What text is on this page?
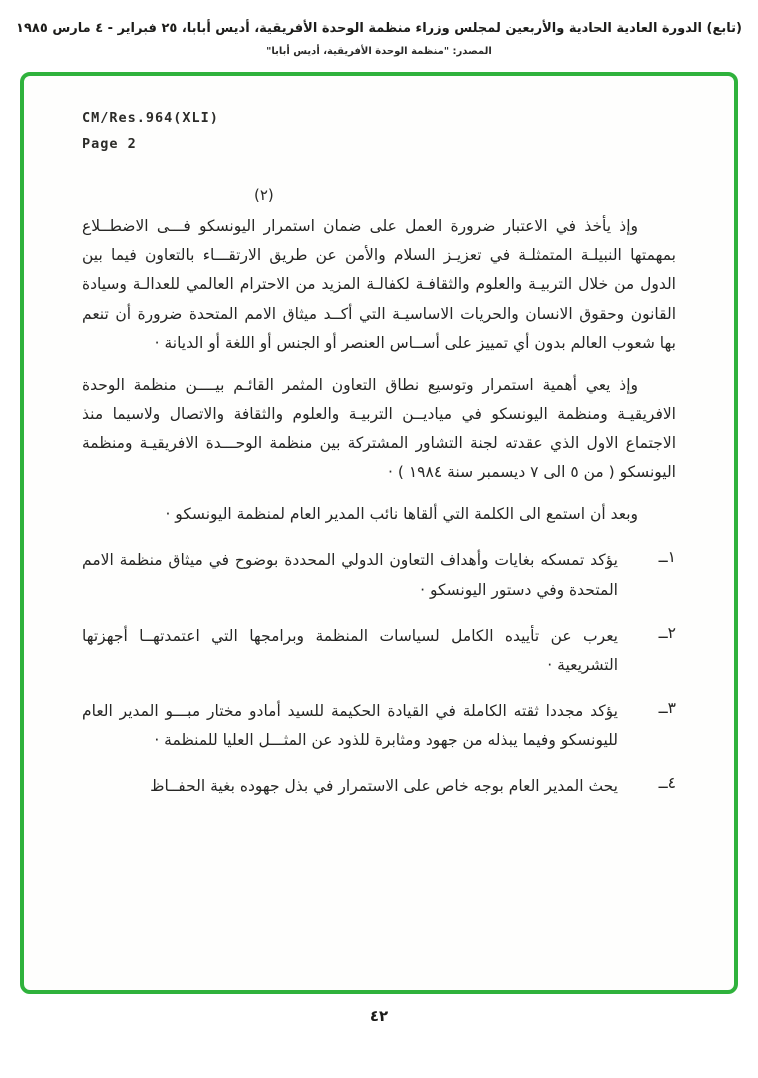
(تابع) الدورة العادية الحادية والأربعين لمجلس وزراء منظمة الوحدة الأفريقية، أديس أبابا، ٢٥ فبراير - ٤ مارس ١٩٨٥
المصدر: "منظمة الوحدة الأفريقية، أديس أبابا"
CM/Res.964(XLI)
Page 2
(٢)
وإذ يأخذ في الاعتبار ضرورة العمل على ضمان استمرار اليونسكو فـــى الاضطــلاع بمهمتها النبيلـة المتمثلـة في تعزيـز السلام والأمن عن طريق الارتقـــاء بالتعاون فيما بين الدول من خلال التربيـة والعلوم والثقافـة لكفالـة المزيد من الاحترام العالمي للعدالـة وسيادة القانون وحقوق الانسان والحريات الاساسيـة التي أكــد ميثاق الامم المتحدة ضرورة أن تنعم بها شعوب العالم بدون أي تمييز على أســاس العنصر أو الجنس أو اللغة أو الديانة ·
وإذ يعي أهمية استمرار وتوسيع نطاق التعاون المثمر القائـم بيــــن منظمة الوحدة الافريقيـة ومنظمة اليونسكو في مياديــن التربيـة والعلوم والثقافة والاتصال ولاسيما منذ الاجتماع الاول الذي عقدته لجنة التشاور المشتركة بين منظمة الوحـــدة الافريقيـة ومنظمة اليونسكو ( من ٥ الى ٧ ديسمبر سنة ١٩٨٤ ) ·
وبعد أن استمع الى الكلمة التي ألقاها نائب المدير العام لمنظمة اليونسكو ·
١ــ
يؤكد تمسكه بغايات وأهداف التعاون الدولي المحددة بوضوح في ميثاق منظمة الامم المتحدة وفي دستور اليونسكو ·
٢ــ
يعرب عن تأييده الكامل لسياسات المنظمة وبرامجها التي اعتمدتهــا أجهزتها التشريعية ·
٣ــ
يؤكد مجددا ثقته الكاملة في القيادة الحكيمة للسيد أمادو مختار مبـــو المدير العام لليونسكو وفيما يبذله من جهود ومثابرة للذود عن المثـــل العليا للمنظمة ·
٤ــ
يحث المدير العام بوجه خاص على الاستمرار في بذل جهوده بغية الحفــاظ
٤٢
